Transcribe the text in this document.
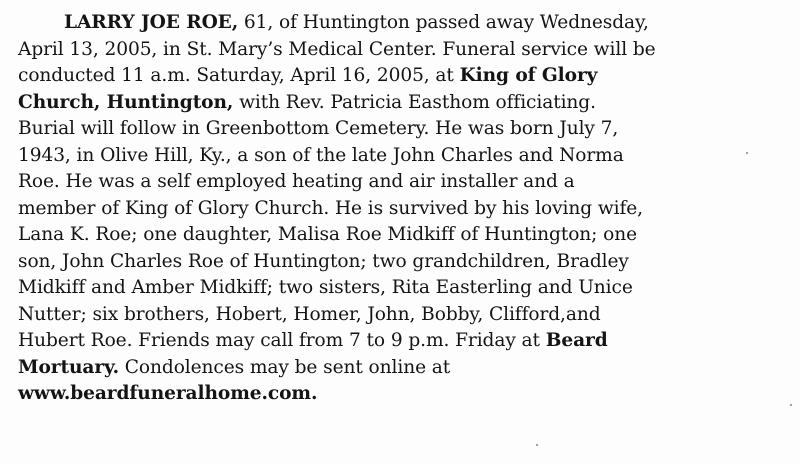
LARRY JOE ROE, 61, of Huntington passed away Wednesday,
April 13, 2005, in St. Mary’s Medical Center. Funeral service will be
conducted 11 a.m. Saturday, April 16, 2005, at King of Glory
Church, Huntington, with Rev. Patricia Easthom officiating.
Burial will follow in Greenbottom Cemetery. He was born July 7,
1943, in Olive Hill, Ky., a son of the late John Charles and Norma
Roe. He was a self employed heating and air installer and a
member of King of Glory Church. He is survived by his loving wife,
Lana K. Roe; one daughter, Malisa Roe Midkiff of Huntington; one
son, John Charles Roe of Huntington; two grandchildren, Bradley
Midkiff and Amber Midkiff; two sisters, Rita Easterling and Unice
Nutter; six brothers, Hobert, Homer, John, Bobby, Clifford,and
Hubert Roe. Friends may call from 7 to 9 p.m. Friday at Beard
Mortuary. Condolences may be sent online at
www.beardfuneralhome.com.
